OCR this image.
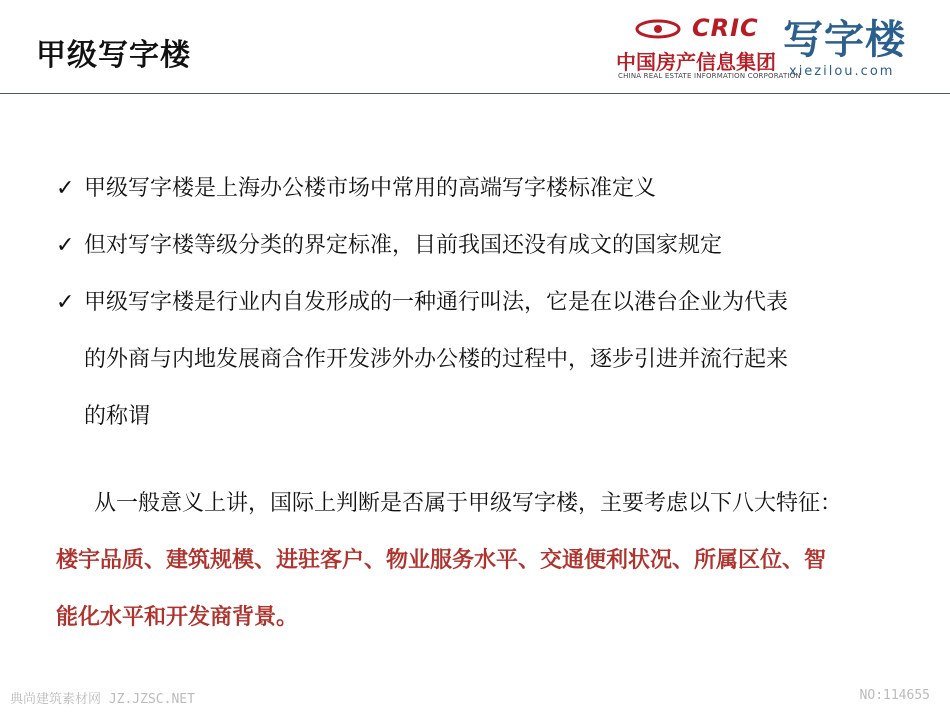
甲级写字楼
CRIC
中国房产信息集团
CHINA REAL ESTATE INFORMATION CORPORATION
写字楼
xiezilou.com
✓ 甲级写字楼是上海办公楼市场中常用的高端写字楼标准定义
✓ 但对写字楼等级分类的界定标准，目前我国还没有成文的国家规定
✓ 甲级写字楼是行业内自发形成的一种通行叫法，它是在以港台企业为代表
的外商与内地发展商合作开发涉外办公楼的过程中，逐步引进并流行起来
的称谓
从一般意义上讲，国际上判断是否属于甲级写字楼，主要考虑以下八大特征：
楼宇品质、建筑规模、进驻客户、物业服务水平、交通便利状况、所属区位、智
能化水平和开发商背景。
典尚建筑素材网 JZ.JZSC.NET	NO:114655
